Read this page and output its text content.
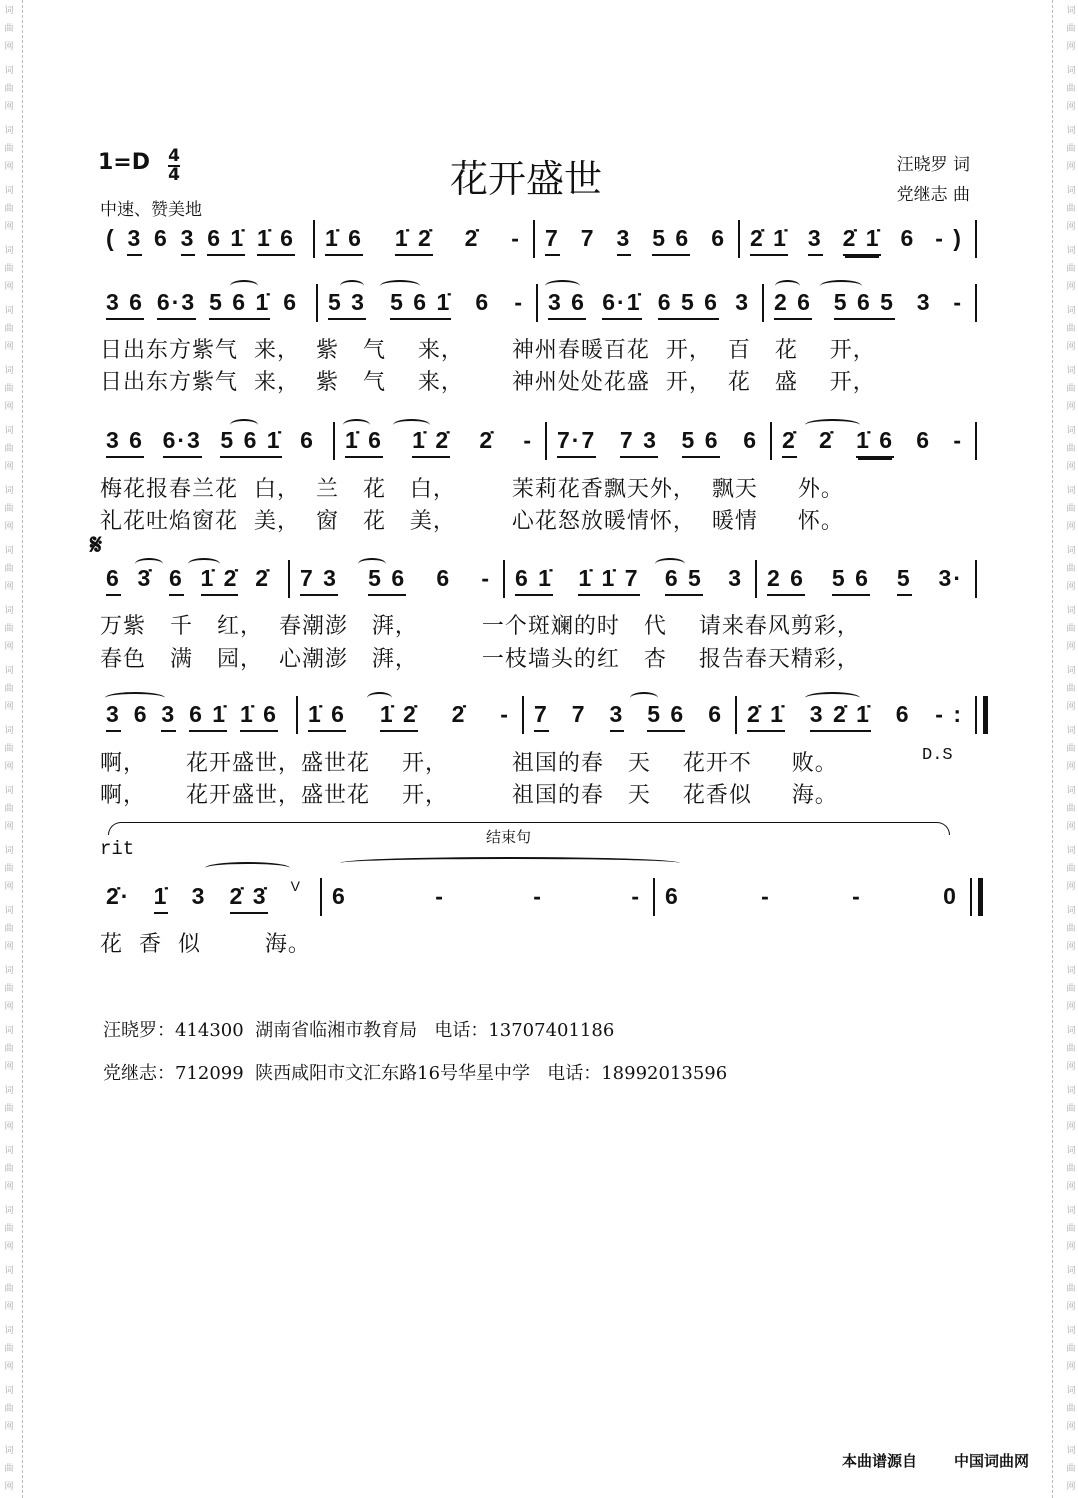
词曲网
词曲网
词曲网
词曲网
词曲网
词曲网
词曲网
词曲网
词曲网
词曲网
词曲网
词曲网
词曲网
词曲网
词曲网
词曲网
词曲网
词曲网
词曲网
词曲网
词曲网
词曲网
词曲网
词曲网
词曲网
词曲网
词曲网
词曲网
词曲网
词曲网
词曲网
词曲网
词曲网
词曲网
词曲网
词曲网
词曲网
词曲网
词曲网
词曲网
词曲网
词曲网
词曲网
词曲网
词曲网
词曲网
词曲网
词曲网
词曲网
词曲网
1=D 4
4	花开盛世	汪晓罗 词
党继志 曲
中速、赞美地
( 3 6 3 6 1̇ 1̇ 6 1̇ 6 1̇ 2̇ 2̇ - 7 7 3 5 6 6 2̇ 1̇ 3 2̇ 1̇ 6 - )
3 6 6·3 5 6 1̇ 6 5 3 5 6 1̇ 6 - 3 6 6·1̇ 6 5 6 3 2 6 5 6 5 3 -
日出东方紫气  来，  紫   气    来，      神州春暖百花  开，  百   花    开，
日出东方紫气  来，  紫   气    来，      神州处处花盛  开，  花   盛    开，
3 6 6·3 5 6 1̇ 6 1̇ 6 1̇ 2̇ 2̇ - 7·7 7 3 5 6 6 2̇ 2̇ 1̇ 6 6 -
梅花报春兰花  白，  兰   花   白，       茉莉花香飘天外，  飘天     外。
礼花吐焰窗花  美，  窗   花   美，       心花怒放暖情怀，  暖情     怀。
6 3̇ 6 1̇ 2̇ 2̇ 7 3 5 6 6 - 6 1̇ 1̇ 1̇ 7 6 5 3 2 6 5 6 5 3·
万紫   千   红，  春潮澎   湃，        一个斑斓的时   代    请来春风剪彩，
春色   满   园，  心潮澎   湃，        一枝墙头的红   杏    报告春天精彩，
𝄋
3 6 3 6 1̇ 1̇ 6 1̇ 6 1̇ 2̇ 2̇ - 7 7 3 5 6 6 2̇ 1̇ 3 2̇ 1̇ 6 - :
啊，     花开盛世，盛世花    开，        祖国的春   天    花开不     败。
啊，     花开盛世，盛世花    开，        祖国的春   天    花香似     海。
D.S
2̇· 1̇ 3 2̇ 3̇ V 6	-	-	- 6	-	-	0
花  香  似        海。
rit
结束句
汪晓罗：414300  湖南省临湘市教育局   电话：13707401186
党继志：712099  陕西咸阳市文汇东路16号华星中学   电话：18992013596
本曲谱源自 中国词曲网
